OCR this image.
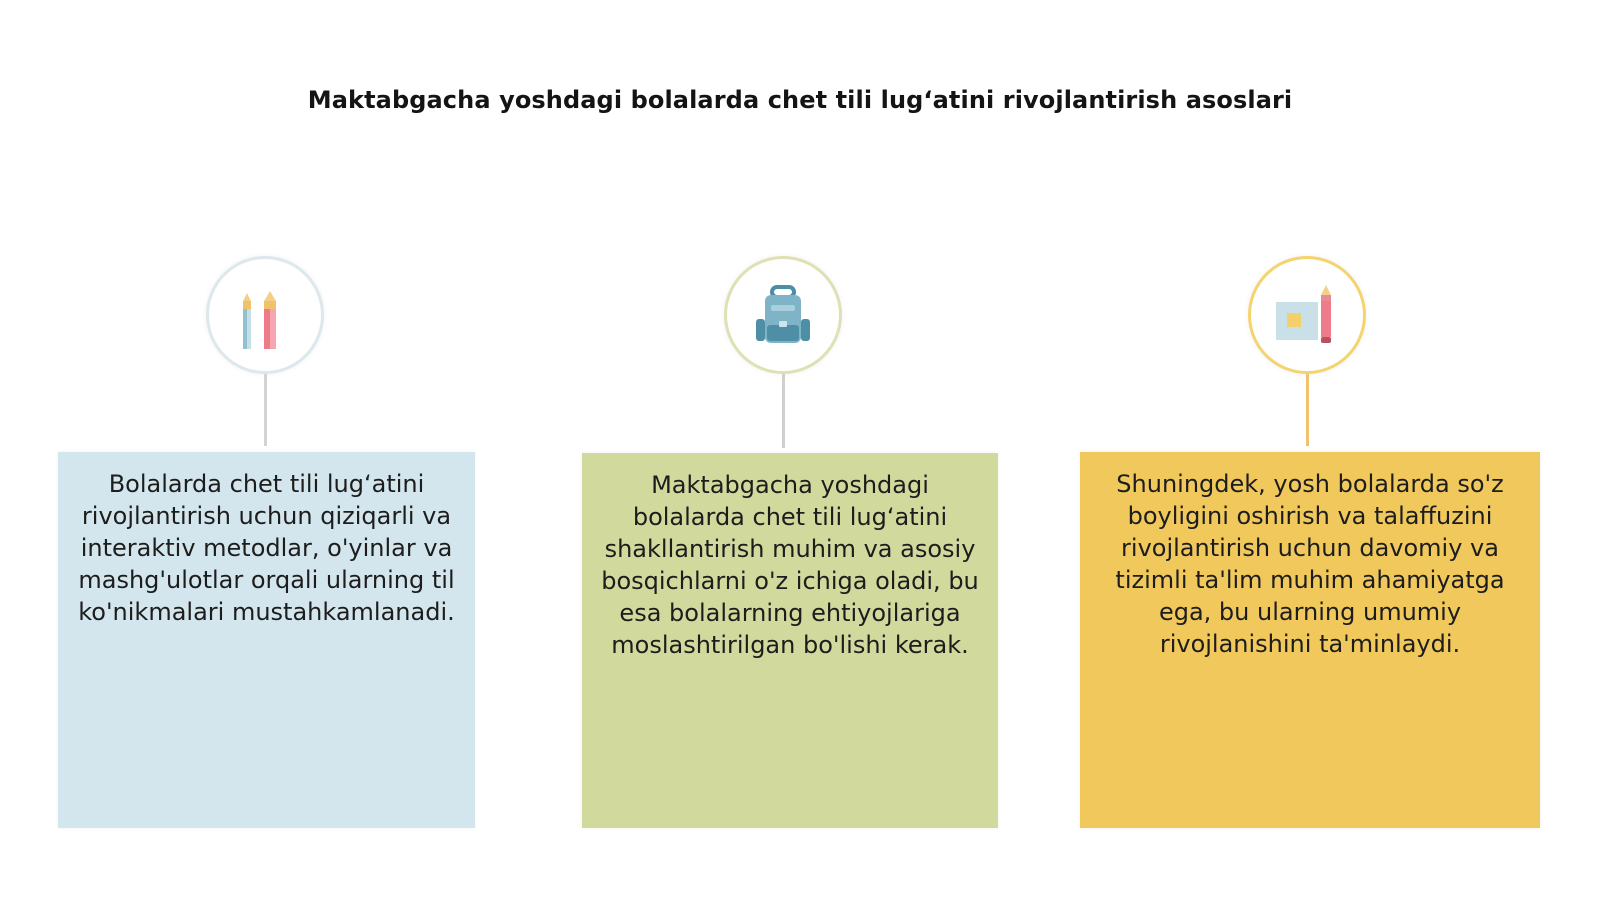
Maktabgacha yoshdagi bolalarda chet tili lug‘atini rivojlantirish asoslari
Bolalarda chet tili lug‘atini rivojlantirish uchun qiziqarli va interaktiv metodlar, o'yinlar va mashg'ulotlar orqali ularning til ko'nikmalari mustahkamlanadi.
Maktabgacha yoshdagi bolalarda chet tili lug‘atini shakllantirish muhim va asosiy bosqichlarni o'z ichiga oladi, bu esa bolalarning ehtiyojlariga moslashtirilgan bo'lishi kerak.
Shuningdek, yosh bolalarda so'z boyligini oshirish va talaffuzini rivojlantirish uchun davomiy va tizimli ta'lim muhim ahamiyatga ega, bu ularning umumiy rivojlanishini ta'minlaydi.
